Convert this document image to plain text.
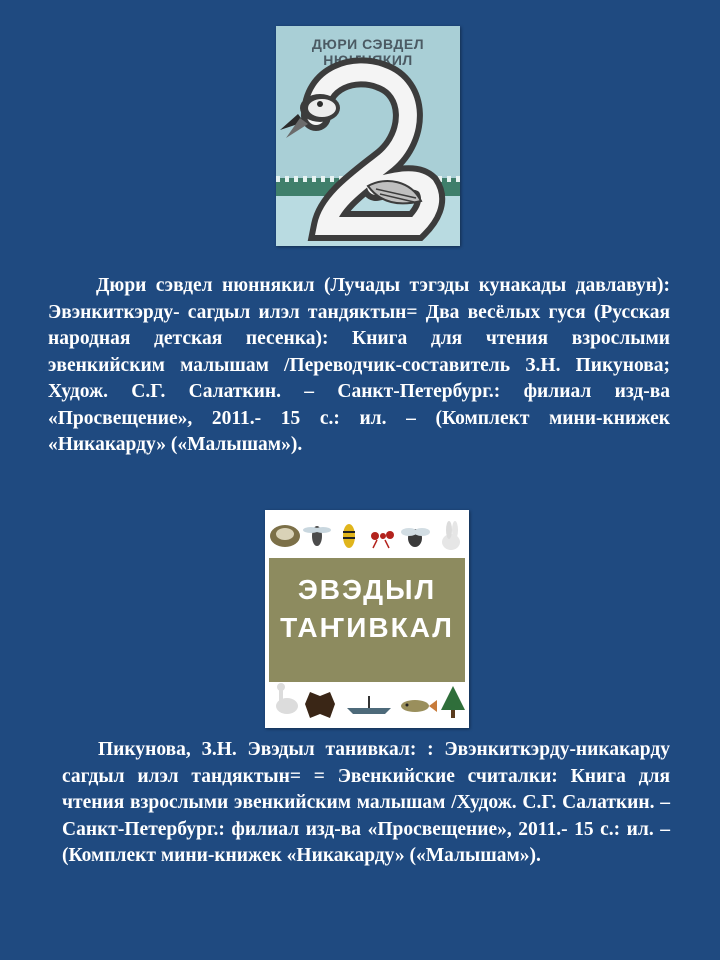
ДЮРИ СЭВДЕЛ НЮҤНЯКИЛ

Дюри сэвдел нюннякил (Лучады тэгэды кунакады давлавун): Эвэнкиткэрду- сагдыл илэл тандяктын= Два весёлых гуся (Русская народная детская песенка): Книга для чтения взрослыми эвенкийским малышам /Переводчик-составитель З.Н. Пикунова; Худож. С.Г. Салаткин. – Санкт-Петербург.: филиал изд-ва «Просвещение», 2011.- 15 с.: ил. – (Комплект мини-книжек «Никакарду» («Малышам»).

ЭВЭДЫЛ
ТАҤИВКАЛ

Пикунова, З.Н. Эвэдыл танивкал: : Эвэнкиткэрду-никакарду сагдыл илэл тандяктын= = Эвенкийские считалки: Книга для чтения взрослыми эвенкийским малышам /Худож. С.Г. Салаткин. – Санкт-Петербург.: филиал изд-ва «Просвещение», 2011.- 15 с.: ил. – (Комплект мини-книжек «Никакарду» («Малышам»).
